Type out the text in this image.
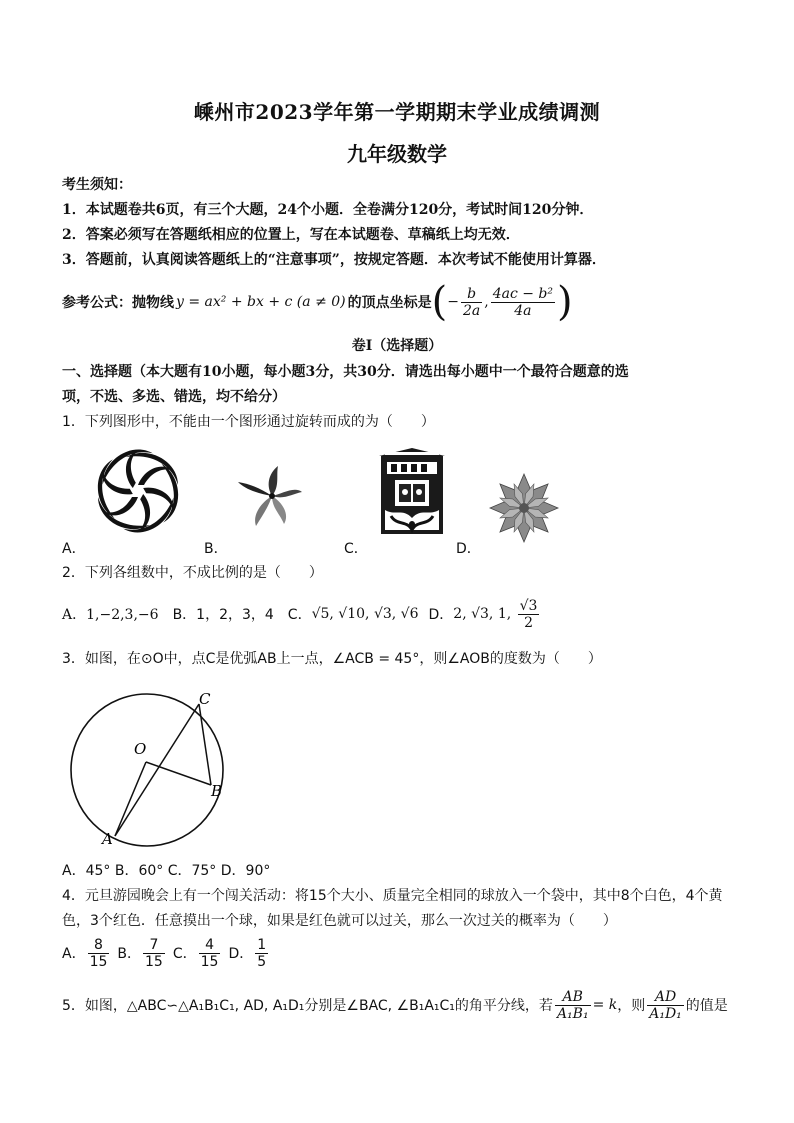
嵊州市2023学年第一学期期末学业成绩调测
九年级数学
考生须知：
1．本试题卷共6页，有三个大题，24个小题．全卷满分120分，考试时间120分钟．
2．答案必须写在答题纸相应的位置上，写在本试题卷、草稿纸上均无效．
3．答题前，认真阅读答题纸上的“注意事项”，按规定答题．本次考试不能使用计算器．
参考公式：抛物线 y = ax² + bx + c (a ≠ 0) 的顶点坐标是 ( − $\frac{b}{2a}$ , $\frac{\text{4ac − b²}}{4a}$ )
卷Ⅰ（选择题）
一、选择题（本大题有10小题，每小题3分，共30分．请选出每小题中一个最符合题意的选
项，不选、多选、错选，均不给分）
1．下列图形中，不能由一个图形通过旋转而成的为（　　）
A．	B．	C．	D．
2．下列各组数中，不成比例的是（　　）
A．1,−2,3,−6 B．1，2，3，4 C． √5, √10, √3, √6 D． 2, √3, 1, $\frac{√3}{2}$
3．如图，在⊙O中，点C是优弧AB上一点，∠ACB = 45°，则∠AOB的度数为（　　）
O
C
B
A
A．45° B．60° C．75° D．90°
4．元旦游园晚会上有一个闯关活动：将15个大小、质量完全相同的球放入一个袋中，其中8个白色，4个黄
色，3个红色．任意摸出一个球，如果是红色就可以过关，那么一次过关的概率为（　　）
A． $\frac{8}{15}$ B． $\frac{7}{15}$ C． $\frac{4}{15}$ D． $\frac{1}{5}$
5．如图，△ABC∽△A₁B₁C₁, AD, A₁D₁分别是∠BAC, ∠B₁A₁C₁的角平分线，若 $\frac{AB}{\text{A₁B₁}} = k$ ，则 $\frac{AD}{\text{A₁D₁}}$ 的值是
